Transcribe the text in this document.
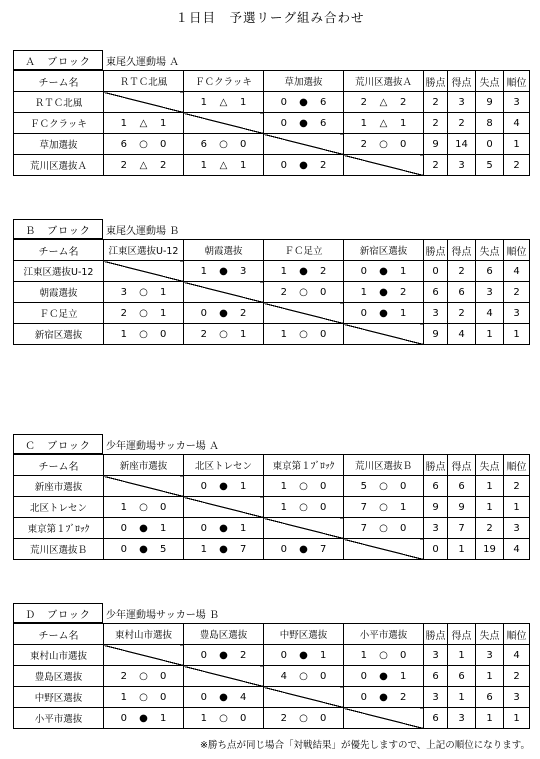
１日目　予選リーグ組み合わせ
Ａ　ブロック	東尾久運動場 Ａ
チーム名	ＲＴＣ北風	ＦＣクラッキ	草加選抜	荒川区選抜Ａ	勝点	得点	失点	順位
ＲＴＣ北風		1 △ 1	0 ● 6	2 △ 2	2	3	9	3
ＦＣクラッキ	1 △ 1		0 ● 6	1 △ 1	2	2	8	4
草加選抜	6 ○ 0	6 ○ 0		2 ○ 0	9	14	0	1
荒川区選抜Ａ	2 △ 2	1 △ 1	0 ● 2		2	3	5	2
Ｂ　ブロック	東尾久運動場 Ｂ
チーム名	江東区選抜U-12	朝霞選抜	ＦＣ足立	新宿区選抜	勝点	得点	失点	順位
江東区選抜U-12		1 ● 3	1 ● 2	0 ● 1	0	2	6	4
朝霞選抜	3 ○ 1		2 ○ 0	1 ● 2	6	6	3	2
ＦＣ足立	2 ○ 1	0 ● 2		0 ● 1	3	2	4	3
新宿区選抜	1 ○ 0	2 ○ 1	1 ○ 0		9	4	1	1
Ｃ　ブロック	少年運動場サッカー場 Ａ
チーム名	新座市選抜	北区トレセン	東京第１ﾌﾞﾛｯｸ	荒川区選抜Ｂ	勝点	得点	失点	順位
新座市選抜		0 ● 1	1 ○ 0	5 ○ 0	6	6	1	2
北区トレセン	1 ○ 0		1 ○ 0	7 ○ 1	9	9	1	1
東京第１ﾌﾞﾛｯｸ	0 ● 1	0 ● 1		7 ○ 0	3	7	2	3
荒川区選抜Ｂ	0 ● 5	1 ● 7	0 ● 7		0	1	19	4
Ｄ　ブロック	少年運動場サッカー場 Ｂ
チーム名	東村山市選抜	豊島区選抜	中野区選抜	小平市選抜	勝点	得点	失点	順位
東村山市選抜		0 ● 2	0 ● 1	1 ○ 0	3	1	3	4
豊島区選抜	2 ○ 0		4 ○ 0	0 ● 1	6	6	1	2
中野区選抜	1 ○ 0	0 ● 4		0 ● 2	3	1	6	3
小平市選抜	0 ● 1	1 ○ 0	2 ○ 0		6	3	1	1
※勝ち点が同じ場合「対戦結果」が優先しますので、上記の順位になります。
